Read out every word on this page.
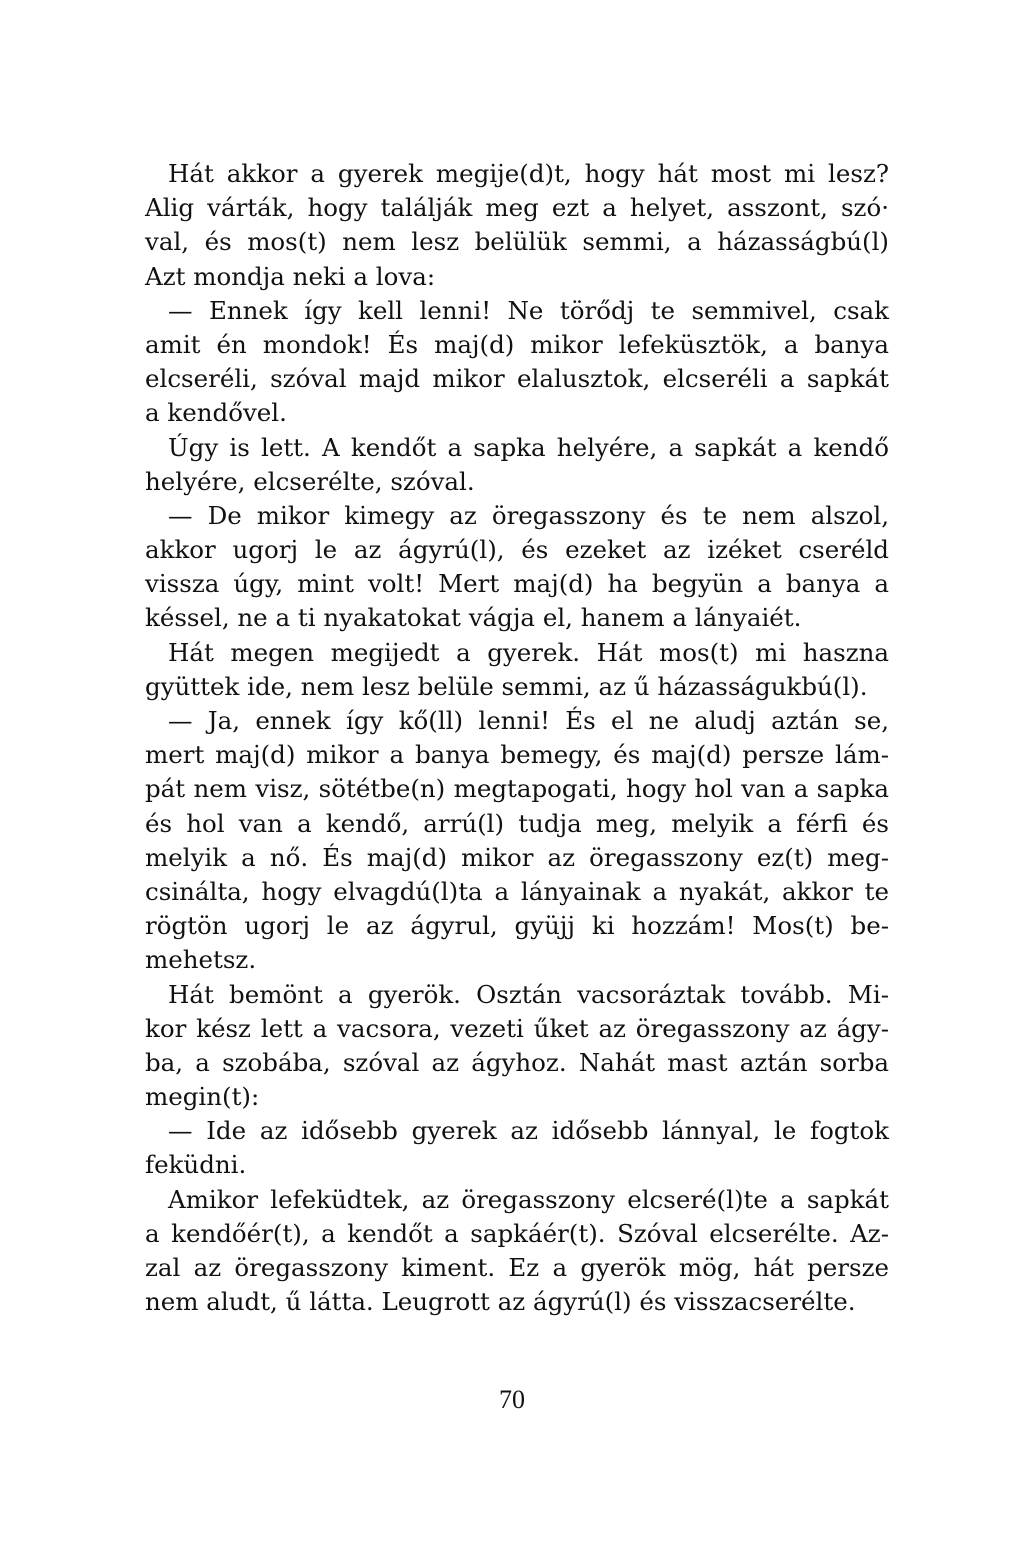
Hát akkor a gyerek megije(d)t, hogy hát most mi lesz?
Alig várták, hogy találják meg ezt a helyet, asszont, szó·
val, és mos(t) nem lesz belülük semmi, a házasságbú(l)
Azt mondja neki a lova:
— Ennek így kell lenni! Ne törődj te semmivel, csak
amit én mondok! És maj(d) mikor lefeküsztök, a banya
elcseréli, szóval majd mikor elalusztok, elcseréli a sapkát
a kendővel.
Úgy is lett. A kendőt a sapka helyére, a sapkát a kendő
helyére, elcserélte, szóval.
— De mikor kimegy az öregasszony és te nem alszol,
akkor ugorj le az ágyrú(l), és ezeket az izéket cseréld
vissza úgy, mint volt! Mert maj(d) ha begyün a banya a
késsel, ne a ti nyakatokat vágja el, hanem a lányaiét.
Hát megen megijedt a gyerek. Hát mos(t) mi haszna
gyüttek ide, nem lesz belüle semmi, az ű házasságukbú(l).
— Ja, ennek így kő(ll) lenni! És el ne aludj aztán se,
mert maj(d) mikor a banya bemegy, és maj(d) persze lám-
pát nem visz, sötétbe(n) megtapogati, hogy hol van a sapka
és hol van a kendő, arrú(l) tudja meg, melyik a férfi és
melyik a nő. És maj(d) mikor az öregasszony ez(t) meg-
csinálta, hogy elvagdú(l)ta a lányainak a nyakát, akkor te
rögtön ugorj le az ágyrul, gyüjj ki hozzám! Mos(t) be-
mehetsz.
Hát bemönt a gyerök. Osztán vacsoráztak tovább. Mi-
kor kész lett a vacsora, vezeti űket az öregasszony az ágy-
ba, a szobába, szóval az ágyhoz. Nahát mast aztán sorba
megin(t):
— Ide az idősebb gyerek az idősebb lánnyal, le fogtok
feküdni.
Amikor lefeküdtek, az öregasszony elcseré(l)te a sapkát
a kendőér(t), a kendőt a sapkáér(t). Szóval elcserélte. Az-
zal az öregasszony kiment. Ez a gyerök mög, hát persze
nem aludt, ű látta. Leugrott az ágyrú(l) és visszacserélte.
70
